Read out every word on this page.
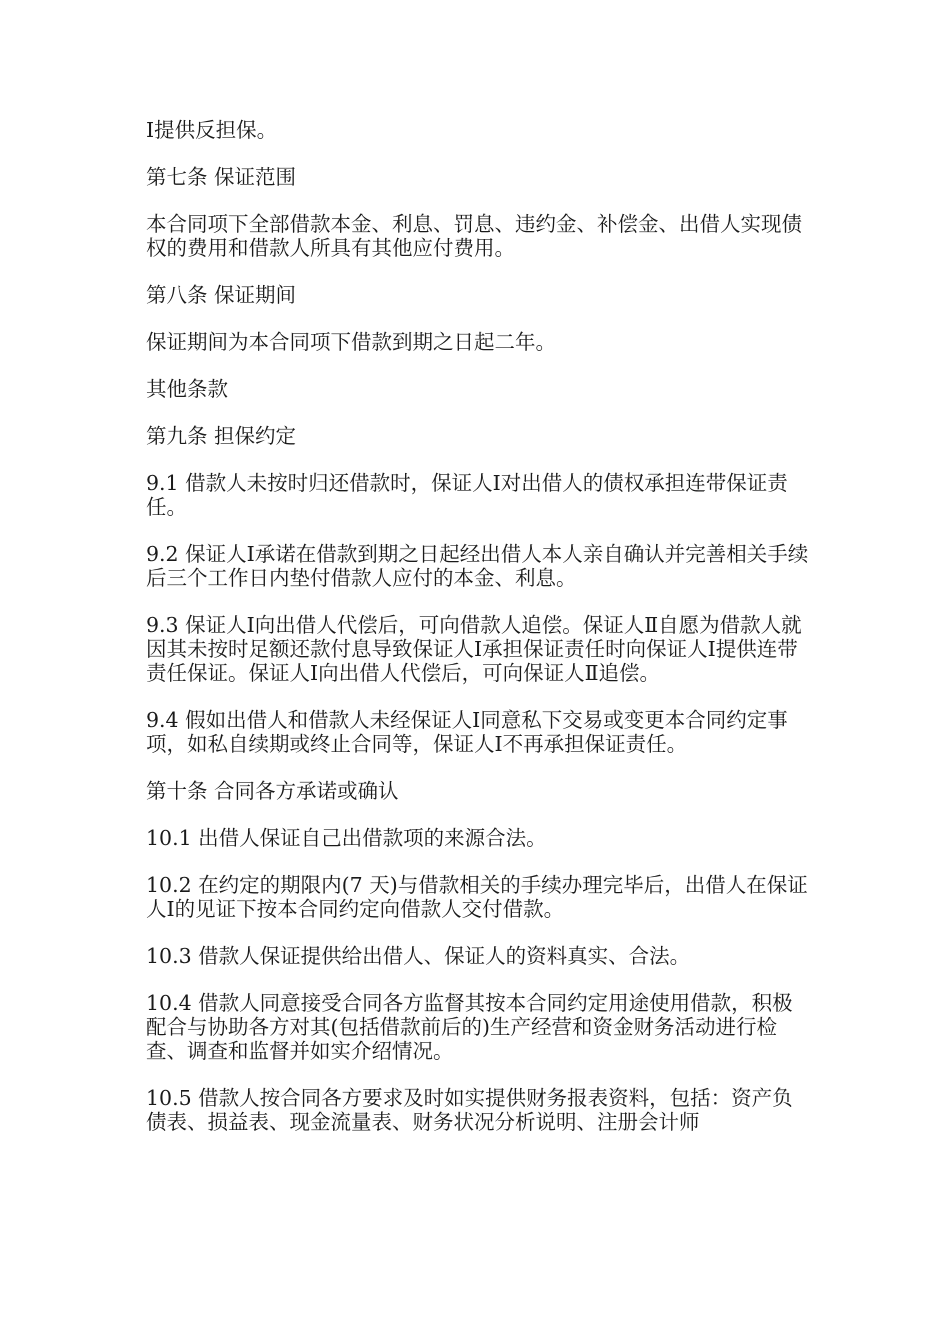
Ⅰ提供反担保。

第七条 保证范围

本合同项下全部借款本金、利息、罚息、违约金、补偿金、出借人实现债权的费用和借款人所具有其他应付费用。

第八条 保证期间

保证期间为本合同项下借款到期之日起二年。

其他条款

第九条 担保约定

9.1 借款人未按时归还借款时，保证人Ⅰ对出借人的债权承担连带保证责任。

9.2 保证人Ⅰ承诺在借款到期之日起经出借人本人亲自确认并完善相关手续后三个工作日内垫付借款人应付的本金、利息。

9.3 保证人Ⅰ向出借人代偿后，可向借款人追偿。保证人Ⅱ自愿为借款人就因其未按时足额还款付息导致保证人Ⅰ承担保证责任时向保证人Ⅰ提供连带责任保证。保证人Ⅰ向出借人代偿后，可向保证人Ⅱ追偿。

9.4 假如出借人和借款人未经保证人Ⅰ同意私下交易或变更本合同约定事项，如私自续期或终止合同等，保证人Ⅰ不再承担保证责任。

第十条 合同各方承诺或确认

10.1 出借人保证自己出借款项的来源合法。

10.2 在约定的期限内(7 天)与借款相关的手续办理完毕后，出借人在保证人Ⅰ的见证下按本合同约定向借款人交付借款。

10.3 借款人保证提供给出借人、保证人的资料真实、合法。

10.4 借款人同意接受合同各方监督其按本合同约定用途使用借款，积极配合与协助各方对其(包括借款前后的)生产经营和资金财务活动进行检查、调查和监督并如实介绍情况。

10.5 借款人按合同各方要求及时如实提供财务报表资料，包括：资产负债表、损益表、现金流量表、财务状况分析说明、注册会计师
